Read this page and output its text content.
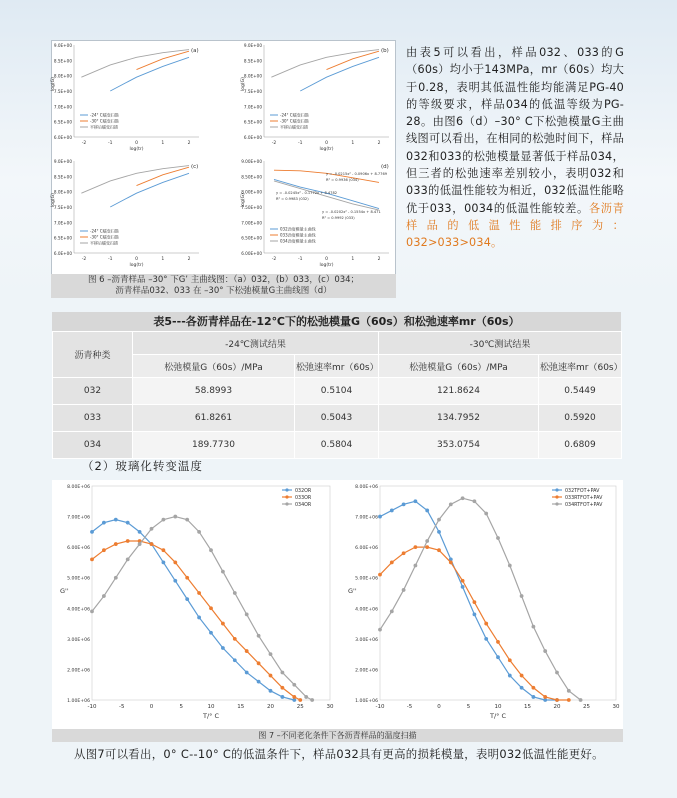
9.0E+00
8.5E+00
8.0E+00
7.5E+00
7.0E+00
6.5E+00
6.0E+00
-2	-1	0	1	2
(a)
log(G)
log(tr)
-24° C蠕变扫描
-30° C蠕变扫描
平移后蠕变扫描
9.0E+00
8.5E+00
8.0E+00
7.5E+00
7.0E+00
6.5E+00
6.0E+00
-2	-1	0	1	2
(b)
log(G)
log(tr)
-24° C蠕变扫描
-30° C蠕变扫描
平移后蠕变扫描
9.0E+00
8.5E+00
8.0E+00
7.5E+00
7.0E+00
6.5E+00
6.0E+00
-2	-1	0	1	2
(c)
log(G)
log(tr)
-24° C蠕变扫描
-30° C蠕变扫描
平移后蠕变扫描
9.00E+00
8.50E+00
8.00E+00
7.50E+00
7.00E+00
6.50E+00
6.00E+00
-2	-1	0	1	2
(d)
log(G)
log(tr)
y = -0.0215x² - 0.0906x + 8.7769
R² = 0.9936 (034)
y = -0.0245x² - 0.1772x + 8.4782
R² = 0.9983 (032)
y = -0.0202x² - 0.1554x + 8.471
R² = 0.9992 (033)
032劲度模量主曲线
033劲度模量主曲线
034劲度模量主曲线
图 6 –沥青样品 –30° 下G’ 主曲线图：（a）032，(b）033，(c）034；
沥青样品032、033 在 –30° 下松弛模量G主曲线图（d）
由表5可以看出，样品032、033的G（60s）均小于143MPa，mr（60s）均大于0.28，表明其低温性能均能满足PG-40的等级要求，样品034的低温等级为PG-28。由图6（d）–30° C下松弛模量G主曲线图可以看出，在相同的松弛时间下，样品032和033的松弛模量显著低于样品034，但三者的松弛速率差别较小，表明032和033的低温性能较为相近，032低温性能略优于033，0034的低温性能较差。各沥青样品的低温性能排序为：032>033>034。
表5---各沥青样品在-12℃下的松弛模量G（60s）和松弛速率mr（60s）
沥青种类	-24℃测试结果		-30℃测试结果	
	松弛模量G（60s）/MPa	松弛速率mr（60s）	松弛模量G（60s）/MPa	松弛速率mr（60s）
032	58.8993	0.5104	121.8624	0.5449
033	61.8261	0.5043	134.7952	0.5920
034	189.7730	0.5804	353.0754	0.6809
（2）玻璃化转变温度
8.00E+06
7.00E+06
6.00E+06
5.00E+06
4.00E+06
3.00E+06
2.00E+06
1.00E+06
-10	-5	0	5	10	15	20	25	30
T/° C
G''
032OR
033OR
034OR
8.00E+06
7.00E+06
6.00E+06
5.00E+06
4.00E+06
3.00E+06
2.00E+06
1.00E+06
-10	-5	0	5	10	15	20	25	30
T/° C
G''
032TFOT+PAV
033RTFOT+PAV
034RTFOT+PAV
图 7 –不同老化条件下各沥青样品的温度扫描
从图7可以看出，0° C--10° C的低温条件下，样品032具有更高的损耗模量，表明032低温性能更好。
